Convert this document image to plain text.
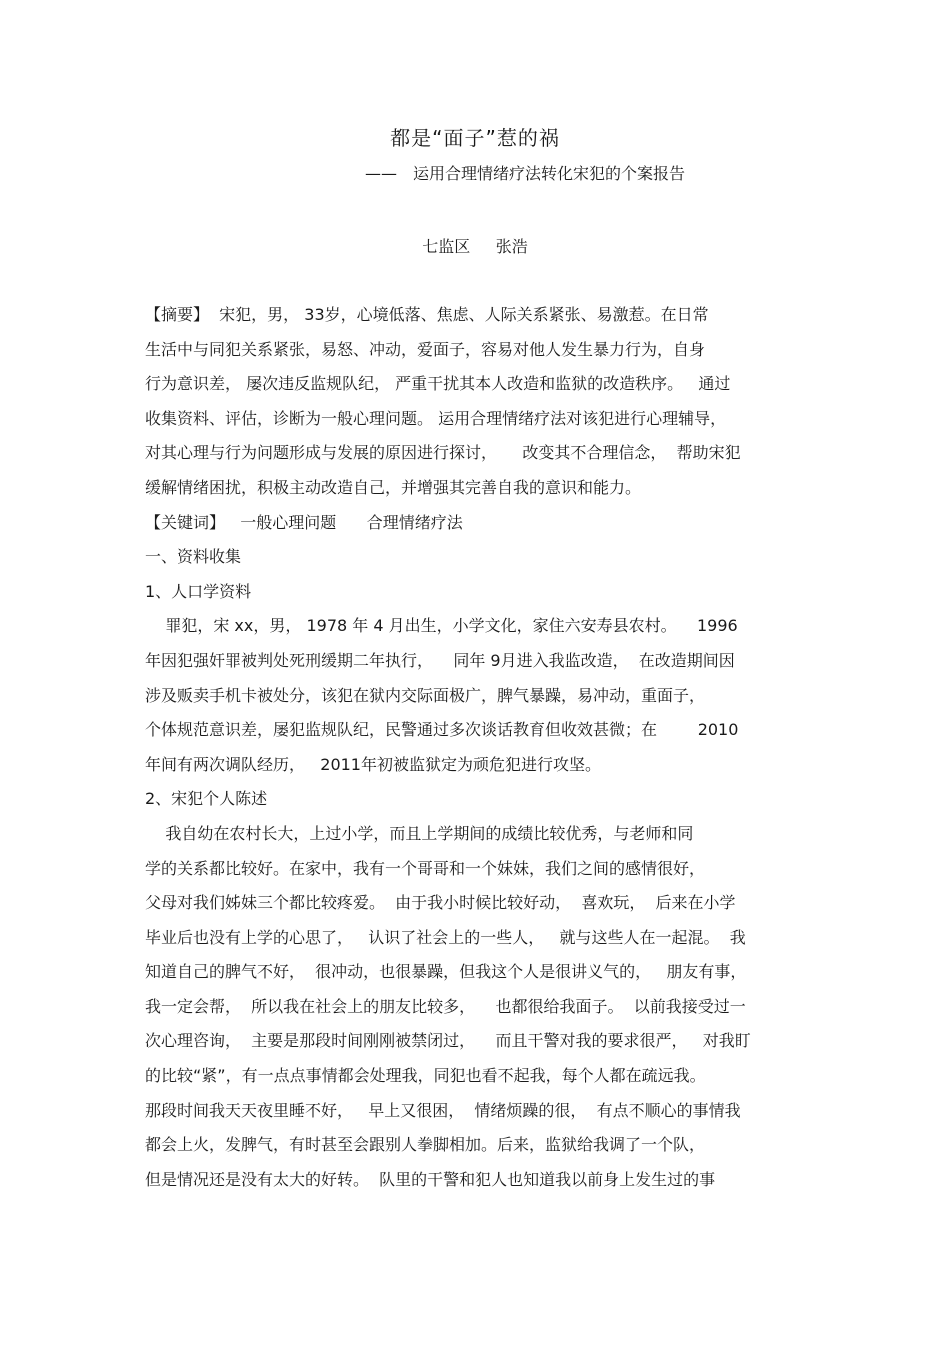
都是“面子”惹的祸
—— 运用合理情绪疗法转化宋犯的个案报告
七监区     张浩
【摘要】  宋犯，男， 33岁，心境低落、焦虑、人际关系紧张、易激惹。在日常
生活中与同犯关系紧张，易怒、冲动，爱面子，容易对他人发生暴力行为，自身
行为意识差， 屡次违反监规队纪， 严重干扰其本人改造和监狱的改造秩序。   通过
收集资料、评估，诊断为一般心理问题。 运用合理情绪疗法对该犯进行心理辅导，
对其心理与行为问题形成与发展的原因进行探讨，     改变其不合理信念，  帮助宋犯
缓解情绪困扰，积极主动改造自己，并增强其完善自我的意识和能力。
【关键词】   一般心理问题      合理情绪疗法
一、资料收集
1、人口学资料
罪犯，宋 xx，男， 1978 年 4 月出生，小学文化，家住六安寿县农村。    1996
年因犯强奸罪被判处死刑缓期二年执行，    同年 9月进入我监改造，  在改造期间因
涉及贩卖手机卡被处分，该犯在狱内交际面极广，脾气暴躁，易冲动，重面子，
个体规范意识差，屡犯监规队纪，民警通过多次谈话教育但收效甚微；在        2010
年间有两次调队经历，   2011年初被监狱定为顽危犯进行攻坚。
2、宋犯个人陈述
我自幼在农村长大，上过小学，而且上学期间的成绩比较优秀，与老师和同
学的关系都比较好。在家中，我有一个哥哥和一个妹妹，我们之间的感情很好，
父母对我们姊妹三个都比较疼爱。  由于我小时候比较好动，  喜欢玩，  后来在小学
毕业后也没有上学的心思了，   认识了社会上的一些人，   就与这些人在一起混。  我
知道自己的脾气不好，  很冲动，也很暴躁，但我这个人是很讲义气的，   朋友有事，
我一定会帮，  所以我在社会上的朋友比较多，    也都很给我面子。  以前我接受过一
次心理咨询，  主要是那段时间刚刚被禁闭过，    而且干警对我的要求很严，   对我盯
的比较“紧”，有一点点事情都会处理我，同犯也看不起我，每个人都在疏远我。
那段时间我天天夜里睡不好，   早上又很困，  情绪烦躁的很，  有点不顺心的事情我
都会上火，发脾气，有时甚至会跟别人拳脚相加。后来，监狱给我调了一个队，
但是情况还是没有太大的好转。  队里的干警和犯人也知道我以前身上发生过的事
